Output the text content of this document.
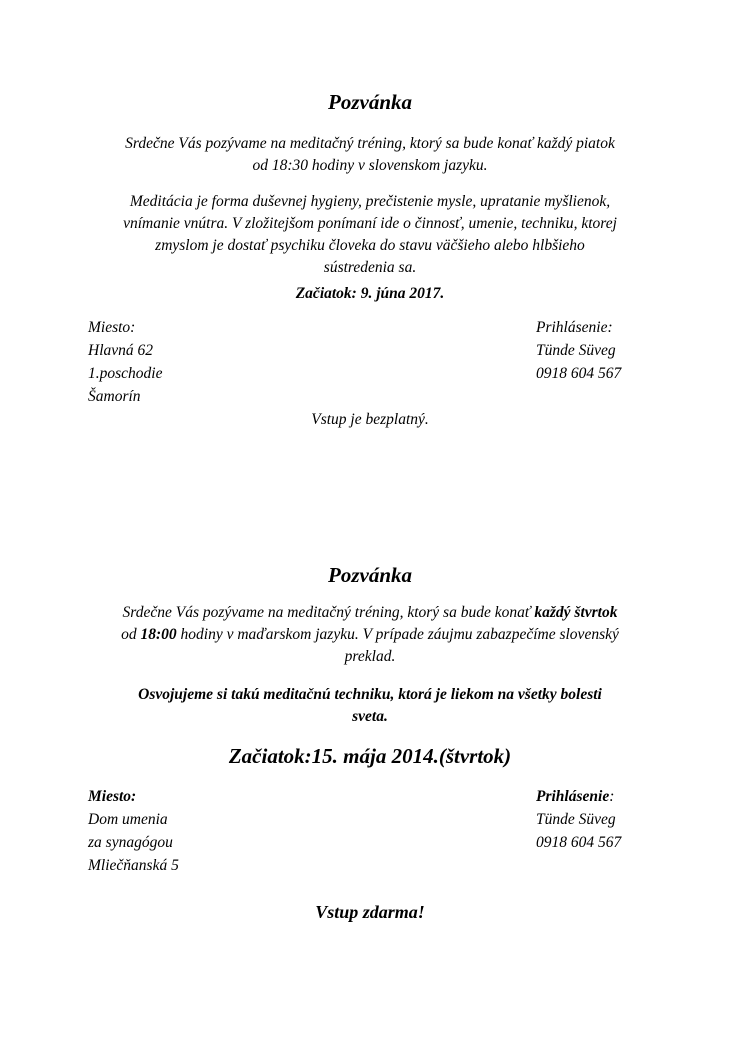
Pozvánka
Srdečne Vás pozývame na meditačný tréning, ktorý sa bude konať každý piatok
od 18:30 hodiny v slovenskom jazyku.
Meditácia je forma duševnej hygieny, prečistenie mysle, upratanie myšlienok,
vnímanie vnútra. V zložitejšom ponímaní ide o činnosť, umenie, techniku, ktorej
zmyslom je dostať psychiku človeka do stavu väčšieho alebo hlbšieho
sústredenia sa.
Začiatok: 9. júna 2017.
Miesto:
Hlavná 62
1.poschodie
Šamorín
Prihlásenie:
Tünde Süveg
0918 604 567
Vstup je bezplatný.
Pozvánka
Srdečne Vás pozývame na meditačný tréning, ktorý sa bude konať každý štvrtok
od 18:00 hodiny v maďarskom jazyku. V prípade záujmu zabazpečíme slovenský
preklad.
Osvojujeme si takú meditačnú techniku, ktorá je liekom na všetky bolesti
sveta.
Začiatok:15. mája 2014.(štvrtok)
Miesto:
Dom umenia
za synagógou
Mliečňanská 5
Prihlásenie:
Tünde Süveg
0918 604 567
Vstup zdarma!
